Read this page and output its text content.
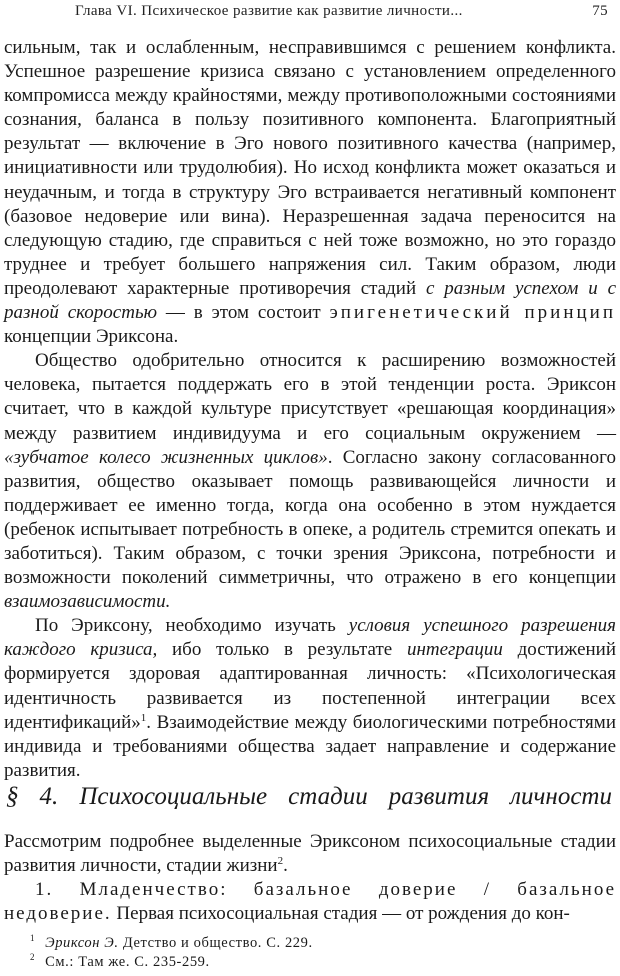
Глава VI. Психическое развитие как развитие личности...	75

сильным, так и ослабленным, несправившимся с решением конфликта. Успешное разрешение кризиса связано с установлением определенного компромисса между крайностями, между противоположными состояниями сознания, баланса в пользу позитивного компонента. Благоприятный результат — включение в Эго нового позитивного качества (например, инициативности или трудолюбия). Но исход конфликта может оказаться и неудачным, и тогда в структуру Эго встраивается негативный компонент (базовое недоверие или вина). Неразрешенная задача переносится на следующую стадию, где справиться с ней тоже возможно, но это гораздо труднее и требует большего напряжения сил. Таким образом, люди преодолевают характерные противоречия стадий с разным успехом и с разной скоростью — в этом состоит эпигенетический принцип концепции Эриксона.

Общество одобрительно относится к расширению возможностей человека, пытается поддержать его в этой тенденции роста. Эриксон считает, что в каждой культуре присутствует «решающая координация» между развитием индивидуума и его социальным окружением — «зубчатое колесо жизненных циклов». Согласно закону согласованного развития, общество оказывает помощь развивающейся личности и поддерживает ее именно тогда, когда она особенно в этом нуждается (ребенок испытывает потребность в опеке, а родитель стремится опекать и заботиться). Таким образом, с точки зрения Эриксона, потребности и возможности поколений симметричны, что отражено в его концепции взаимозависимости.

По Эриксону, необходимо изучать условия успешного разрешения каждого кризиса, ибо только в результате интеграции достижений формируется здоровая адаптированная личность: «Психологическая идентичность развивается из постепенной интеграции всех идентификаций»$^1$. Взаимодействие между биологическими потребностями индивида и требованиями общества задает направление и содержание развития.

§ 4. Психосоциальные стадии развития личности

Рассмотрим подробнее выделенные Эриксоном психосоциальные стадии развития личности, стадии жизни$^2$.

1. Младенчество: базальное доверие / базальное недоверие. Первая психосоциальная стадия — от рождения до кон-

$^1$ Эриксон Э. Детство и общество. С. 229.
$^2$ См.: Там же. С. 235-259.
